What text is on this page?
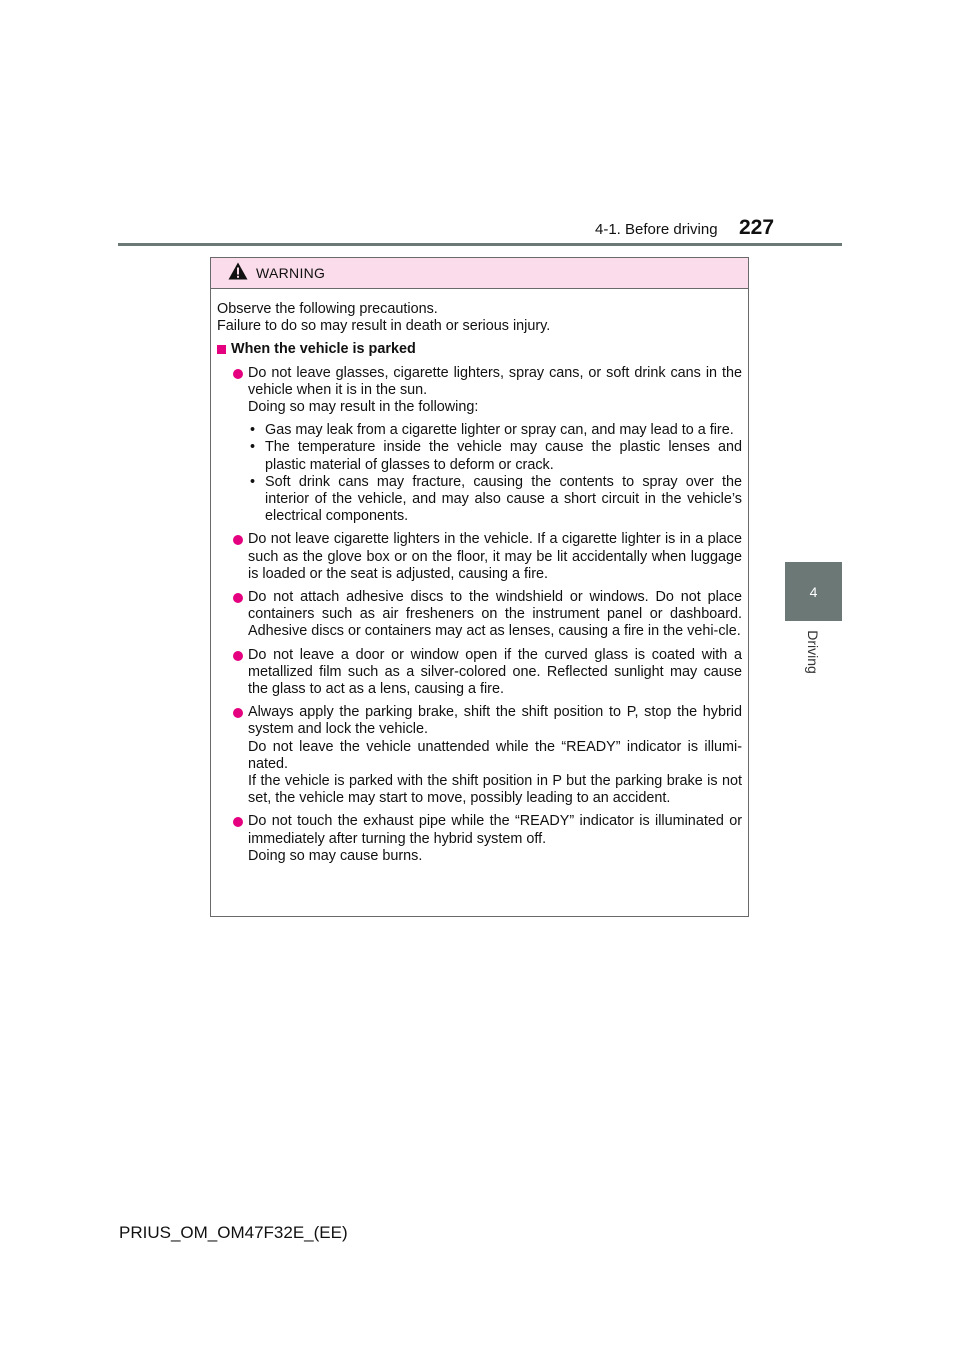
4-1. Before driving 227
4
Driving
WARNING

Observe the following precautions.

Failure to do so may result in death or serious injury.

When the vehicle is parked

Do not leave glasses, cigarette lighters, spray cans, or soft drink cans in the vehicle when it is in the sun.

Doing so may result in the following:

• Gas may leak from a cigarette lighter or spray can, and may lead to a fire.
• The temperature inside the vehicle may cause the plastic lenses and plastic material of glasses to deform or crack.
• Soft drink cans may fracture, causing the contents to spray over the interior of the vehicle, and may also cause a short circuit in the vehicle’s electrical components.

Do not leave cigarette lighters in the vehicle. If a cigarette lighter is in a place such as the glove box or on the floor, it may be lit accidentally when luggage is loaded or the seat is adjusted, causing a fire.

Do not attach adhesive discs to the windshield or windows. Do not place containers such as air fresheners on the instrument panel or dashboard. Adhesive discs or containers may act as lenses, causing a fire in the vehi-cle.

Do not leave a door or window open if the curved glass is coated with a metallized film such as a silver-colored one. Reflected sunlight may cause the glass to act as a lens, causing a fire.

Always apply the parking brake, shift the shift position to P, stop the hybrid system and lock the vehicle.

Do not leave the vehicle unattended while the “READY” indicator is illumi-nated.

If the vehicle is parked with the shift position in P but the parking brake is not set, the vehicle may start to move, possibly leading to an accident.

Do not touch the exhaust pipe while the “READY” indicator is illuminated or immediately after turning the hybrid system off.

Doing so may cause burns.

PRIUS_OM_OM47F32E_(EE)
